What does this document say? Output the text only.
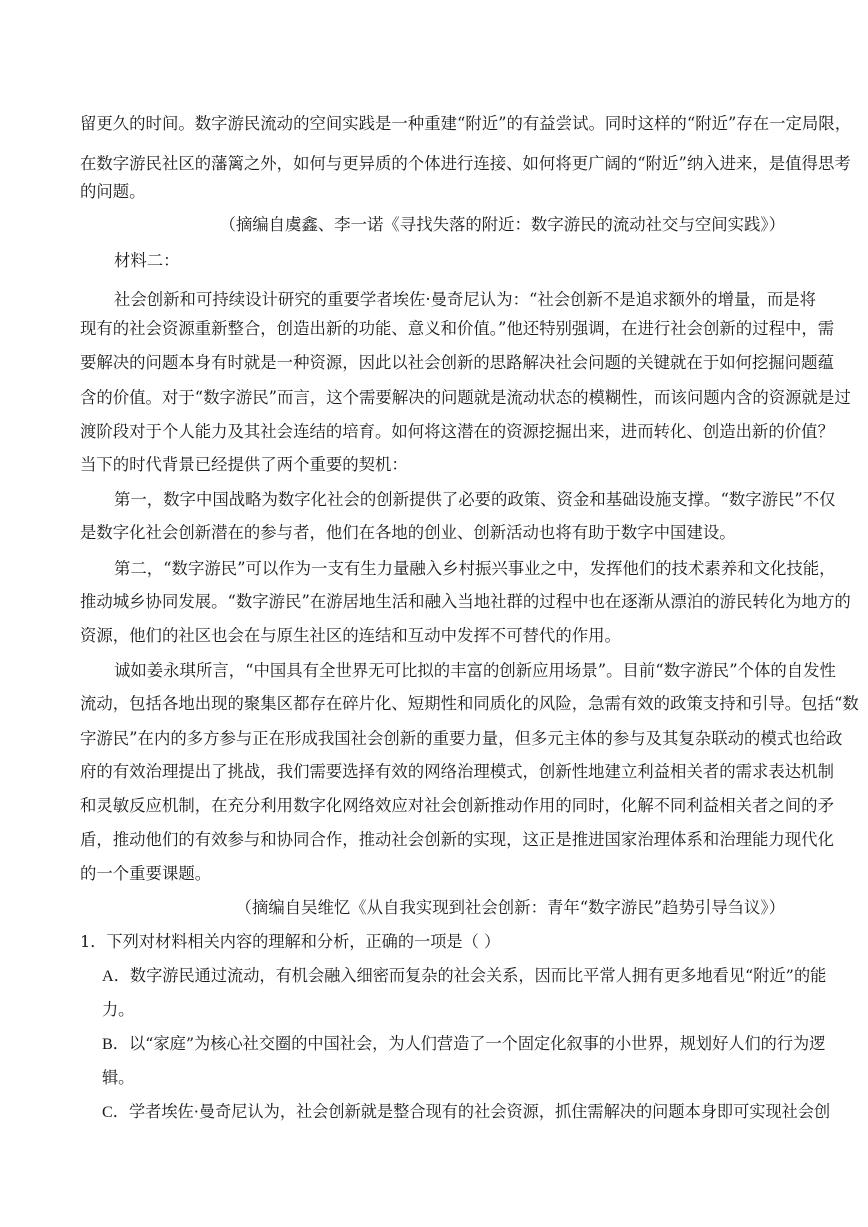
留更久的时间。数字游民流动的空间实践是一种重建“附近”的有益尝试。同时这样的“附近”存在一定局限，
在数字游民社区的藩篱之外，如何与更异质的个体进行连接、如何将更广阔的“附近”纳入进来，是值得思考
的问题。
（摘编自虞鑫、李一诺《寻找失落的附近：数字游民的流动社交与空间实践》）
材料二：
社会创新和可持续设计研究的重要学者埃佐·曼奇尼认为：“社会创新不是追求额外的增量，而是将
现有的社会资源重新整合，创造出新的功能、意义和价值。”他还特别强调，在进行社会创新的过程中，需
要解决的问题本身有时就是一种资源，因此以社会创新的思路解决社会问题的关键就在于如何挖掘问题蕴
含的价值。对于“数字游民”而言，这个需要解决的问题就是流动状态的模糊性，而该问题内含的资源就是过
渡阶段对于个人能力及其社会连结的培育。如何将这潜在的资源挖掘出来，进而转化、创造出新的价值？
当下的时代背景已经提供了两个重要的契机：
第一，数字中国战略为数字化社会的创新提供了必要的政策、资金和基础设施支撑。“数字游民”不仅
是数字化社会创新潜在的参与者，他们在各地的创业、创新活动也将有助于数字中国建设。
第二，“数字游民”可以作为一支有生力量融入乡村振兴事业之中，发挥他们的技术素养和文化技能，
推动城乡协同发展。“数字游民”在游居地生活和融入当地社群的过程中也在逐渐从漂泊的游民转化为地方的
资源，他们的社区也会在与原生社区的连结和互动中发挥不可替代的作用。
诚如姜永琪所言，“中国具有全世界无可比拟的丰富的创新应用场景”。目前“数字游民”个体的自发性
流动，包括各地出现的聚集区都存在碎片化、短期性和同质化的风险，急需有效的政策支持和引导。包括“数
字游民”在内的多方参与正在形成我国社会创新的重要力量，但多元主体的参与及其复杂联动的模式也给政
府的有效治理提出了挑战，我们需要选择有效的网络治理模式，创新性地建立利益相关者的需求表达机制
和灵敏反应机制，在充分利用数字化网络效应对社会创新推动作用的同时，化解不同利益相关者之间的矛
盾，推动他们的有效参与和协同合作，推动社会创新的实现，这正是推进国家治理体系和治理能力现代化
的一个重要课题。
（摘编自吴维忆《从自我实现到社会创新：青年“数字游民”趋势引导刍议》）
1．下列对材料相关内容的理解和分析，正确的一项是（ ）
A．数字游民通过流动，有机会融入细密而复杂的社会关系，因而比平常人拥有更多地看见“附近”的能
力。
B．以“家庭”为核心社交圈的中国社会，为人们营造了一个固定化叙事的小世界，规划好人们的行为逻
辑。
C．学者埃佐·曼奇尼认为，社会创新就是整合现有的社会资源，抓住需解决的问题本身即可实现社会创
